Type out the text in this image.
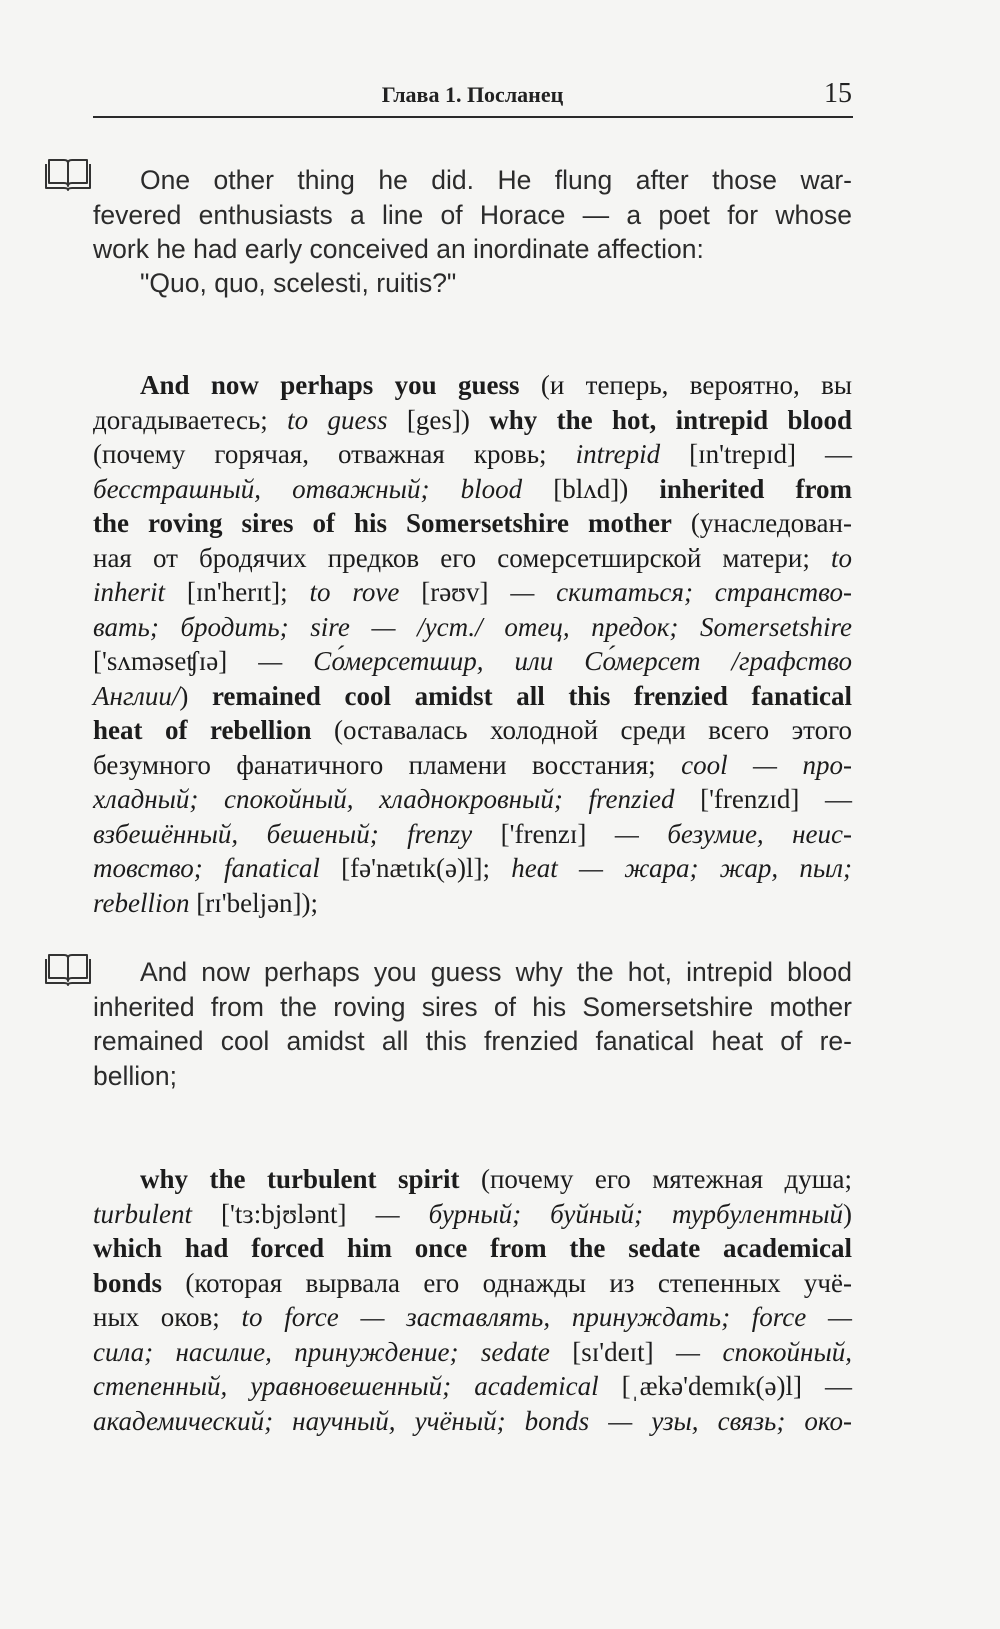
Глава 1. Посланец	15
One other thing he did. He flung after those war-
fevered enthusiasts a line of Horace — a poet for whose
work he had early conceived an inordinate affection:
"Quo, quo, scelesti, ruitis?"
And now perhaps you guess (и теперь, вероятно, вы
догадываетесь; to guess [ges]) why the hot, intrepid blood
(почему горячая, отважная кровь; intrepid [ɪn'trepɪd] —
бесстрашный, отважный; blood [blʌd]) inherited from
the roving sires of his Somersetshire mother (унаследован-
ная от бродячих предков его сомерсетширской матери; to
inherit [ɪn'herɪt]; to rove [rəʊv] — скитаться; странство-
вать; бродить; sire — /уст./ отец, предок; Somersetshire
['sʌməseʧɪə] — Со́мерсетшир, или Со́мерсет /графство
Англии/) remained cool amidst all this frenzied fanatical
heat of rebellion (оставалась холодной среди всего этого
безумного фанатичного пламени восстания; cool — про-
хладный; спокойный, хладнокровный; frenzied ['frenzɪd] —
взбешённый, бешеный; frenzy ['frenzɪ] — безумие, неис-
товство; fanatical [fə'nætɪk(ə)l]; heat — жара; жар, пыл;
rebellion [rɪ'beljən]);
And now perhaps you guess why the hot, intrepid blood
inherited from the roving sires of his Somersetshire mother
remained cool amidst all this frenzied fanatical heat of re-
bellion;
why the turbulent spirit (почему его мятежная душа;
turbulent ['tɜ:bjʊlənt] — бурный; буйный; турбулентный)
which had forced him once from the sedate academical
bonds (которая вырвала его однажды из степенных учё-
ных оков; to force — заставлять, принуждать; force —
сила; насилие, принуждение; sedate [sɪ'deɪt] — спокойный,
степенный, уравновешенный; academical [ˌækə'demɪk(ə)l] —
академический; научный, учёный; bonds — узы, связь; око-
